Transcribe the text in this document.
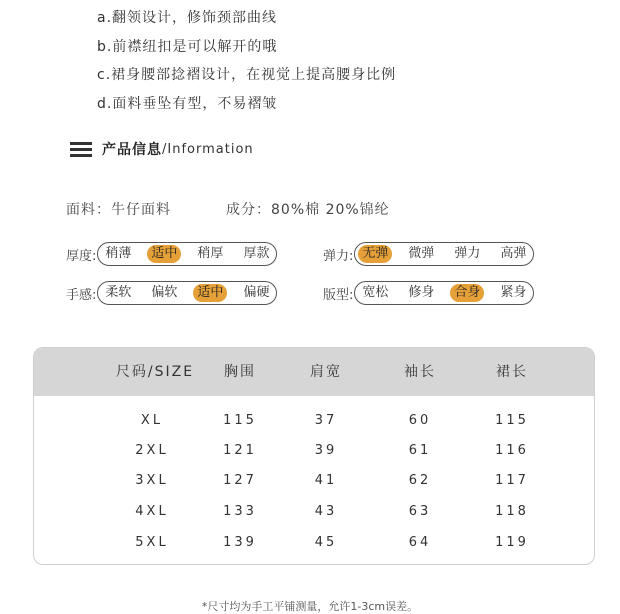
a.翻领设计，修饰颈部曲线
b.前襟纽扣是可以解开的哦
c.裙身腰部捻褶设计，在视觉上提高腰身比例
d.面料垂坠有型，不易褶皱
产品信息 /Information
面料：牛仔面料	成分：80%棉 20%锦纶
厚度: 稍薄	适中	稍厚	厚款	弹力: 无弹	微弹	弹力	高弹
手感: 柔软	偏软	适中	偏硬	版型: 宽松	修身	合身	紧身
尺码/SIZE 胸围	肩宽	袖长	裙长
XL	115	37	60	115
2XL	121	39	61	116
3XL	127	41	62	117
4XL	133	43	63	118
5XL	139	45	64	119
*尺寸均为手工平铺测量，允许1-3cm误差。
